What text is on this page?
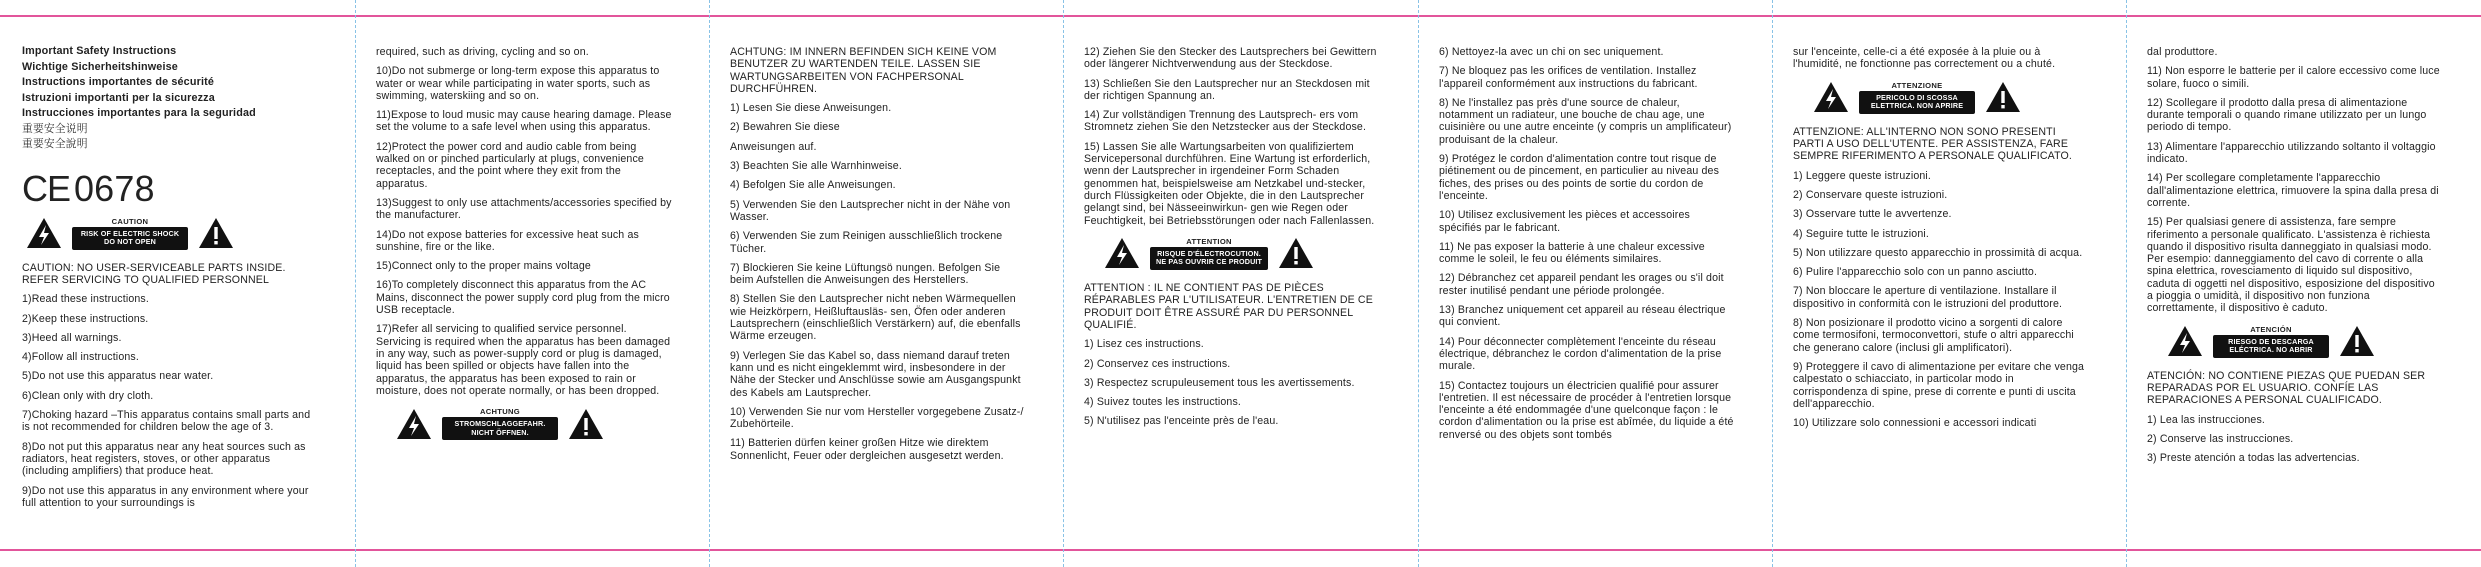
Important Safety Instructions
Wichtige Sicherheitshinweise
Instructions importantes de sécurité
Istruzioni importanti per la sicurezza
Instrucciones importantes para la seguridad
重要安全说明
重要安全說明
CE 0678
CAUTION
RISK OF ELECTRIC SHOCK
DO NOT OPEN

CAUTION: NO USER-SERVICEABLE PARTS INSIDE. REFER SERVICING TO QUALIFIED PERSONNEL

1)Read these instructions.

2)Keep these instructions.

3)Heed all warnings.

4)Follow all instructions.

5)Do not use this apparatus near water.

6)Clean only with dry cloth.

7)Choking hazard –This apparatus contains small parts and is not recommended for children below the age of 3.

8)Do not put this apparatus near any heat sources such as radiators, heat registers, stoves, or other apparatus (including amplifiers) that produce heat.

9)Do not use this apparatus in any environment where your full attention to your surroundings is

required, such as driving, cycling and so on.

10)Do not submerge or long-term expose this apparatus to water or wear while participating in water sports, such as swimming, waterskiing and so on.

11)Expose to loud music may cause hearing damage. Please set the volume to a safe level when using this apparatus.

12)Protect the power cord and audio cable from being walked on or pinched particularly at plugs, convenience receptacles, and the point where they exit from the apparatus.

13)Suggest to only use attachments/accessories specified by the manufacturer.

14)Do not expose batteries for excessive heat such as sunshine, fire or the like.

15)Connect only to the proper mains voltage

16)To completely disconnect this apparatus from the AC Mains, disconnect the power supply cord plug from the micro USB receptacle.

17)Refer all servicing to qualified service personnel. Servicing is required when the apparatus has been damaged in any way, such as power-supply cord or plug is damaged, liquid has been spilled or objects have fallen into the apparatus, the apparatus has been exposed to rain or moisture, does not operate normally, or has been dropped.

ACHTUNG
STROMSCHLAGGEFAHR.
NICHT ÖFFNEN.

ACHTUNG: IM INNERN BEFINDEN SICH KEINE VOM BENUTZER ZU WARTENDEN TEILE. LASSEN SIE WARTUNGSARBEITEN VON FACHPERSONAL DURCHFÜHREN.

1) Lesen Sie diese Anweisungen.

2) Bewahren Sie diese

Anweisungen auf.

3) Beachten Sie alle Warnhinweise.

4) Befolgen Sie alle Anweisungen.

5) Verwenden Sie den Lautsprecher nicht in der Nähe von Wasser.

6) Verwenden Sie zum Reinigen ausschließlich trockene Tücher.

7) Blockieren Sie keine Lüftungsö nungen. Befolgen Sie beim Aufstellen die Anweisungen des Herstellers.

8) Stellen Sie den Lautsprecher nicht neben Wärmequellen wie Heizkörpern, Heißluftausläs- sen, Öfen oder anderen Lautsprechern (einschließlich Verstärkern) auf, die ebenfalls Wärme erzeugen.

9) Verlegen Sie das Kabel so, dass niemand darauf treten kann und es nicht eingeklemmt wird, insbesondere in der Nähe der Stecker und Anschlüsse sowie am Ausgangspunkt des Kabels am Lautsprecher.

10) Verwenden Sie nur vom Hersteller vorgegebene Zusatz-/ Zubehörteile.

11) Batterien dürfen keiner großen Hitze wie direktem Sonnenlicht, Feuer oder dergleichen ausgesetzt werden.

12) Ziehen Sie den Stecker des Lautsprechers bei Gewittern oder längerer Nichtverwendung aus der Steckdose.

13) Schließen Sie den Lautsprecher nur an Steckdosen mit der richtigen Spannung an.

14) Zur vollständigen Trennung des Lautsprech- ers vom Stromnetz ziehen Sie den Netzstecker aus der Steckdose.

15) Lassen Sie alle Wartungsarbeiten von qualifiziertem Servicepersonal durchführen. Eine Wartung ist erforderlich, wenn der Lautsprecher in irgendeiner Form Schaden genommen hat, beispielsweise am Netzkabel und-stecker, durch Flüssigkeiten oder Objekte, die in den Lautsprecher gelangt sind, bei Nässeeinwirkun- gen wie Regen oder Feuchtigkeit, bei Betriebsstörungen oder nach Fallenlassen.

ATTENTION
RISQUE D'ÉLECTROCUTION.
NE PAS OUVRIR CE PRODUIT

ATTENTION : IL NE CONTIENT PAS DE PIÈCES RÉPARABLES PAR L'UTILISATEUR. L'ENTRETIEN DE CE PRODUIT DOIT ÊTRE ASSURÉ PAR DU PERSONNEL QUALIFIÉ.

1) Lisez ces instructions.

2) Conservez ces instructions.

3) Respectez scrupuleusement tous les avertissements.

4) Suivez toutes les instructions.

5) N'utilisez pas l'enceinte près de l'eau.

6) Nettoyez-la avec un chi on sec uniquement.

7) Ne bloquez pas les orifices de ventilation. Installez l'appareil conformément aux instructions du fabricant.

8) Ne l'installez pas près d'une source de chaleur, notamment un radiateur, une bouche de chau age, une cuisinière ou une autre enceinte (y compris un amplificateur) produisant de la chaleur.

9) Protégez le cordon d'alimentation contre tout risque de piétinement ou de pincement, en particulier au niveau des fiches, des prises ou des points de sortie du cordon de l'enceinte.

10) Utilisez exclusivement les pièces et accessoires spécifiés par le fabricant.

11) Ne pas exposer la batterie à une chaleur excessive comme le soleil, le feu ou éléments similaires.

12) Débranchez cet appareil pendant les orages ou s'il doit rester inutilisé pendant une période prolongée.

13) Branchez uniquement cet appareil au réseau électrique qui convient.

14) Pour déconnecter complètement l'enceinte du réseau électrique, débranchez le cordon d'alimentation de la prise murale.

15) Contactez toujours un électricien qualifié pour assurer l'entretien. Il est nécessaire de procéder à l'entretien lorsque l'enceinte a été endommagée d'une quelconque façon : le cordon d'alimentation ou la prise est abîmée, du liquide a été renversé ou des objets sont tombés

sur l'enceinte, celle-ci a été exposée à la pluie ou à l'humidité, ne fonctionne pas correctement ou a chuté.

ATTENZIONE
PERICOLO DI SCOSSA
ELETTRICA. NON APRIRE

ATTENZIONE: ALL'INTERNO NON SONO PRESENTI PARTI A USO DELL'UTENTE. PER ASSISTENZA, FARE SEMPRE RIFERIMENTO A PERSONALE QUALIFICATO.

1) Leggere queste istruzioni.

2) Conservare queste istruzioni.

3) Osservare tutte le avvertenze.

4) Seguire tutte le istruzioni.

5) Non utilizzare questo apparecchio in prossimità di acqua.

6) Pulire l'apparecchio solo con un panno asciutto.

7) Non bloccare le aperture di ventilazione. Installare il dispositivo in conformità con le istruzioni del produttore.

8) Non posizionare il prodotto vicino a sorgenti di calore come termosifoni, termoconvettori, stufe o altri apparecchi che generano calore (inclusi gli amplificatori).

9) Proteggere il cavo di alimentazione per evitare che venga calpestato o schiacciato, in particolar modo in corrispondenza di spine, prese di corrente e punti di uscita dell'apparecchio.

10) Utilizzare solo connessioni e accessori indicati

dal produttore.

11) Non esporre le batterie per il calore eccessivo come luce solare, fuoco o simili.

12) Scollegare il prodotto dalla presa di alimentazione durante temporali o quando rimane utilizzato per un lungo periodo di tempo.

13) Alimentare l'apparecchio utilizzando soltanto il voltaggio indicato.

14) Per scollegare completamente l'apparecchio dall'alimentazione elettrica, rimuovere la spina dalla presa di corrente.

15) Per qualsiasi genere di assistenza, fare sempre riferimento a personale qualificato. L'assistenza è richiesta quando il dispositivo risulta danneggiato in qualsiasi modo. Per esempio: danneggiamento del cavo di corrente o alla spina elettrica, rovesciamento di liquido sul dispositivo, caduta di oggetti nel dispositivo, esposizione del dispositivo a pioggia o umidità, il dispositivo non funziona correttamente, il dispositivo è caduto.

ATENCIÓN
RIESGO DE DESCARGA
ELÉCTRICA. NO ABRIR

ATENCIÓN: NO CONTIENE PIEZAS QUE PUEDAN SER REPARADAS POR EL USUARIO. CONFÍE LAS REPARACIONES A PERSONAL CUALIFICADO.

1) Lea las instrucciones.

2) Conserve las instrucciones.

3) Preste atención a todas las advertencias.
